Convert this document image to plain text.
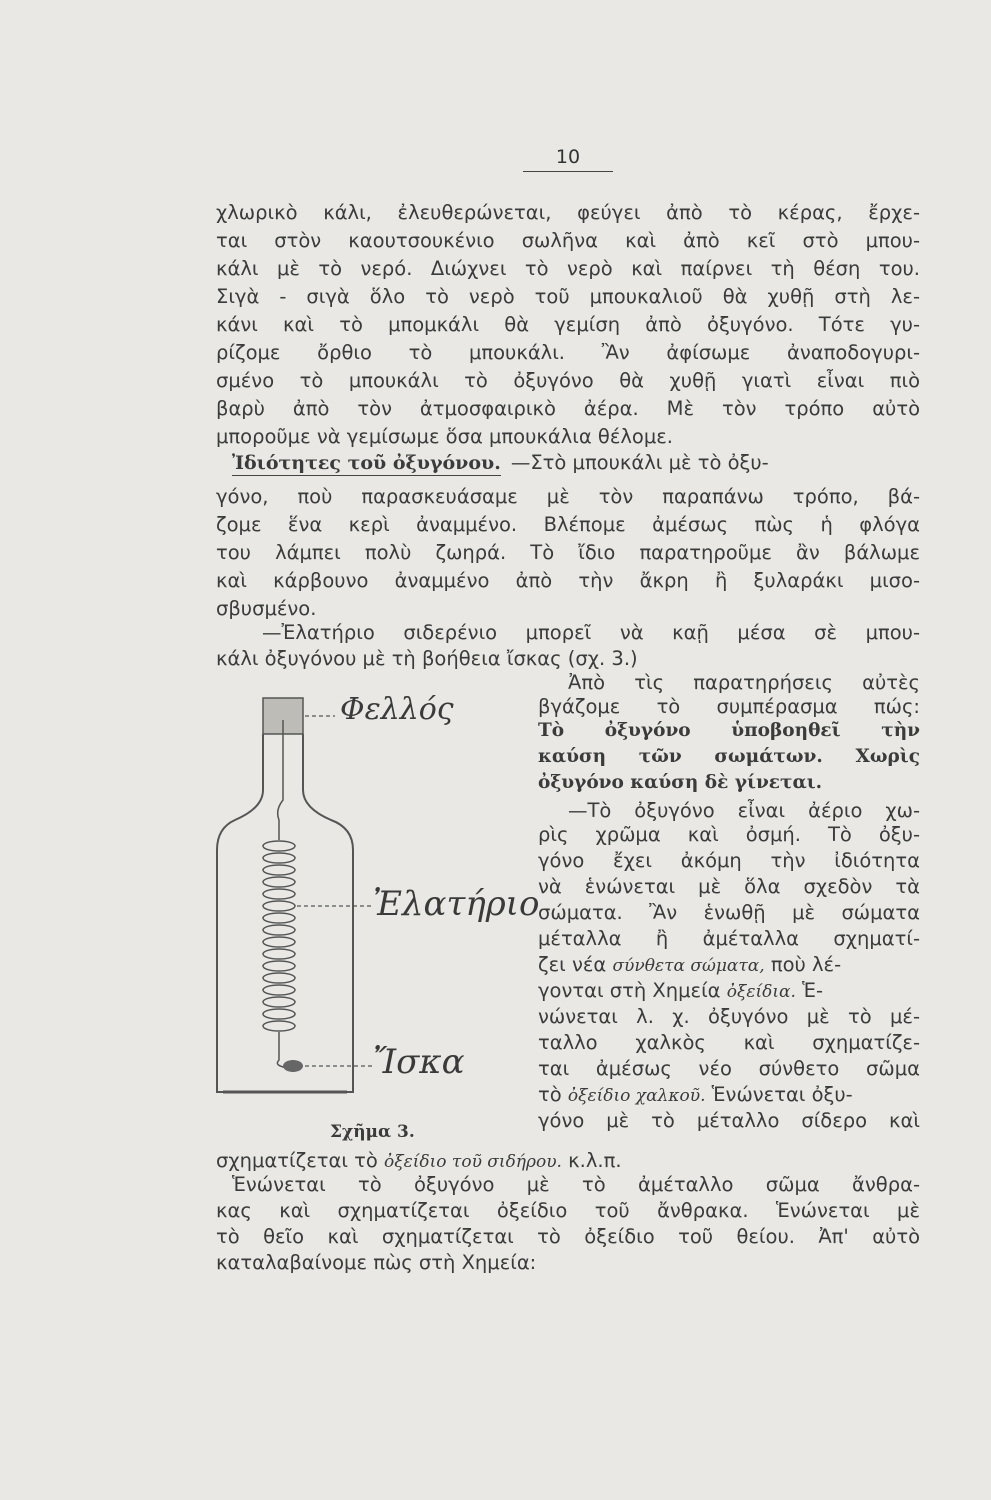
10
χλωρικὸ κάλι, ἐλευθερώνεται, φεύγει ἀπὸ τὸ κέρας, ἔρχε-
ται στὸν καουτσουκένιο σωλῆνα καὶ ἀπὸ κεῖ στὸ μπου-
κάλι μὲ τὸ νερό. Διώχνει τὸ νερὸ καὶ παίρνει τὴ θέση του.
Σιγὰ - σιγὰ ὅλο τὸ νερὸ τοῦ μπουκαλιοῦ θὰ χυθῇ στὴ λε-
κάνι καὶ τὸ μπομκάλι θὰ γεμίση ἀπὸ ὀξυγόνο. Τότε γυ-
ρίζομε ὄρθιο τὸ μπουκάλι. Ἂν ἀφίσωμε ἀναποδογυρι-
σμένο τὸ μπουκάλι τὸ ὀξυγόνο θὰ χυθῇ γιατὶ εἶναι πιὸ
βαρὺ ἀπὸ τὸν ἀτμοσφαιρικὸ ἀέρα. Μὲ τὸν τρόπο αὐτὸ
μποροῦμε νὰ γεμίσωμε ὅσα μπουκάλια θέλομε.
Ἰδιότητες τοῦ ὀξυγόνου. —Στὸ μπουκάλι μὲ τὸ ὀξυ-
γόνο, ποὺ παρασκευάσαμε μὲ τὸν παραπάνω τρόπο, βά-
ζομε ἕνα κερὶ ἀναμμένο. Βλέπομε ἀμέσως πὼς ἡ φλόγα
του λάμπει πολὺ ζωηρά. Τὸ ἴδιο παρατηροῦμε ἂν βάλωμε
καὶ κάρβουνο ἀναμμένο ἀπὸ τὴν ἄκρη ἢ ξυλαράκι μισο-
σβυσμένο.
—Ἐλατήριο σιδερένιο μπορεῖ νὰ καῇ μέσα σὲ μπου-
κάλι ὀξυγόνου μὲ τὴ βοήθεια ἴσκας (σχ. 3.)
Ἀπὸ τὶς παρατηρήσεις αὐτὲς
βγάζομε τὸ συμπέρασμα πώς:
Τὸ ὀξυγόνο ὑποβοηθεῖ τὴν
καύση τῶν σωμάτων. Χωρὶς
ὀξυγόνο καύση δὲ γίνεται.
—Τὸ ὀξυγόνο εἶναι ἀέριο χω-
ρὶς χρῶμα καὶ ὀσμή. Τὸ ὀξυ-
γόνο ἔχει ἀκόμη τὴν ἰδιότητα
νὰ ἑνώνεται μὲ ὅλα σχεδὸν τὰ
σώματα. Ἂν ἑνωθῇ μὲ σώματα
μέταλλα ἢ ἀμέταλλα σχηματί-
ζει νέα σύνθετα σώματα, ποὺ λέ-
γονται στὴ Χημεία ὀξείδια. Ἑ-
νώνεται λ. χ. ὀξυγόνο μὲ τὸ μέ-
ταλλο χαλκὸς καὶ σχηματίζε-
ται ἀμέσως νέο σύνθετο σῶμα
τὸ ὀξείδιο χαλκοῦ. Ἑνώνεται ὀξυ-
γόνο μὲ τὸ μέταλλο σίδερο καὶ
Φελλός
Ἐλατήριο
Ἴσκα
Σχῆμα 3.
σχηματίζεται τὸ ὀξείδιο τοῦ σιδήρου. κ.λ.π.
Ἑνώνεται τὸ ὀξυγόνο μὲ τὸ ἀμέταλλο σῶμα ἄνθρα-
κας καὶ σχηματίζεται ὀξείδιο τοῦ ἄνθρακα. Ἑνώνεται μὲ
τὸ θεῖο καὶ σχηματίζεται τὸ ὀξείδιο τοῦ θείου. Ἀπ' αὐτὸ
καταλαβαίνομε πὼς στὴ Χημεία:
